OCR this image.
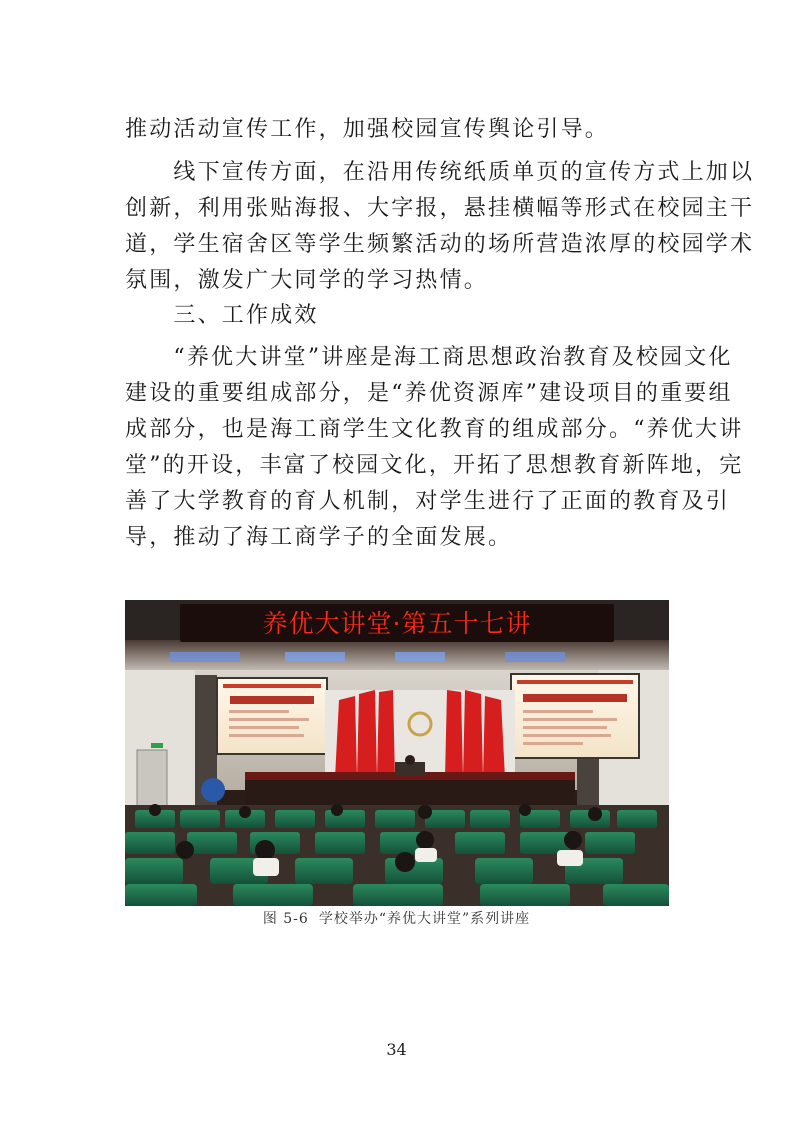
推动活动宣传工作，加强校园宣传舆论引导。

　　线下宣传方面，在沿用传统纸质单页的宣传方式上加以
创新，利用张贴海报、大字报，悬挂横幅等形式在校园主干
道，学生宿舍区等学生频繁活动的场所营造浓厚的校园学术
氛围，激发广大同学的学习热情。

　　三、工作成效

　　“养优大讲堂”讲座是海工商思想政治教育及校园文化
建设的重要组成部分，是“养优资源库”建设项目的重要组
成部分，也是海工商学生文化教育的组成部分。“养优大讲
堂”的开设，丰富了校园文化，开拓了思想教育新阵地，完
善了大学教育的育人机制，对学生进行了正面的教育及引
导，推动了海工商学子的全面发展。

养优大讲堂·第五十七讲
图 5-6 学校举办“养优大讲堂”系列讲座
34
